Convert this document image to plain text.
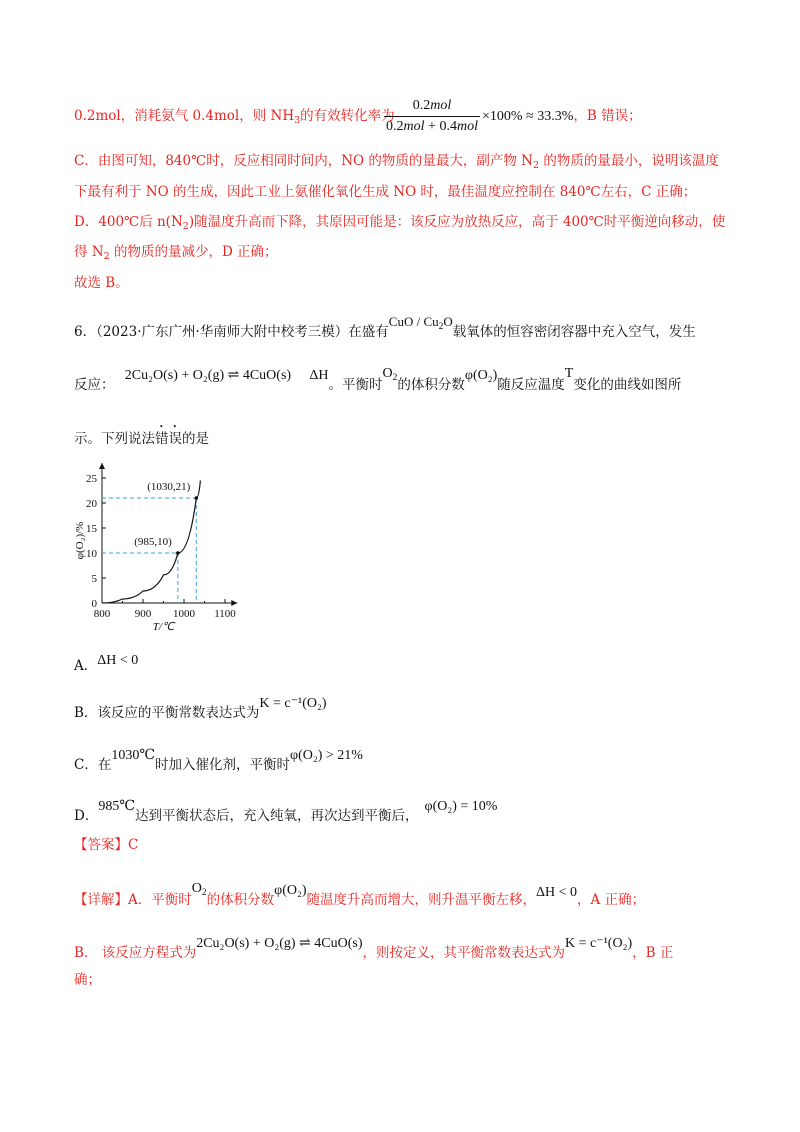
0.2mol，消耗氨气 0.4mol，则 $NH_3$的有效转化率为
0.2mol
0.2mol + 0.4mol
×100% ≈ 33.3%，B 错误；
C．由图可知，840℃时，反应相同时间内，NO 的物质的量最大，副产物 $N_2$ 的物质的量最小，说明该温度
下最有利于 NO 的生成，因此工业上氨催化氧化生成 NO 时，最佳温度应控制在 840℃左右，C 正确；
D．400℃后 $n(N_2)$随温度升高而下降，其原因可能是：该反应为放热反应，高于 400℃时平衡逆向移动，使
得 $N_2$ 的物质的量减少，D 正确；
故选 B。
6．（2023·广东广州·华南师大附中校考三模）在盛有CuO / $Cu_2O$载氧体的恒容密闭容器中充入空气，发生
反应： 2Cu₂O(s) + O₂(g) ⇌ 4CuO(s) ΔH。平衡时$O_2$的体积分数φ(O₂)随反应温度T变化的曲线如图所
示。下列说法错误的是
800 900 1000 1100
0
5
10
15
20
25
T/℃
φ(O₂)/%	(985,10)
(1030,21)
A．ΔH < 0
B．该反应的平衡常数表达式为K = c⁻¹(O₂)
C．在1030℃时加入催化剂，平衡时φ(O₂) > 21%
D．985℃达到平衡状态后，充入纯氧，再次达到平衡后，φ(O₂) = 10%
【答案】C
【详解】A．平衡时$O_2$的体积分数φ(O₂)随温度升高而增大，则升温平衡左移，ΔH < 0，A 正确；
B． 该反应方程式为2Cu₂O(s) + O₂(g) ⇌ 4CuO(s)，则按定义，其平衡常数表达式为K = c⁻¹(O₂)，B 正
确；
